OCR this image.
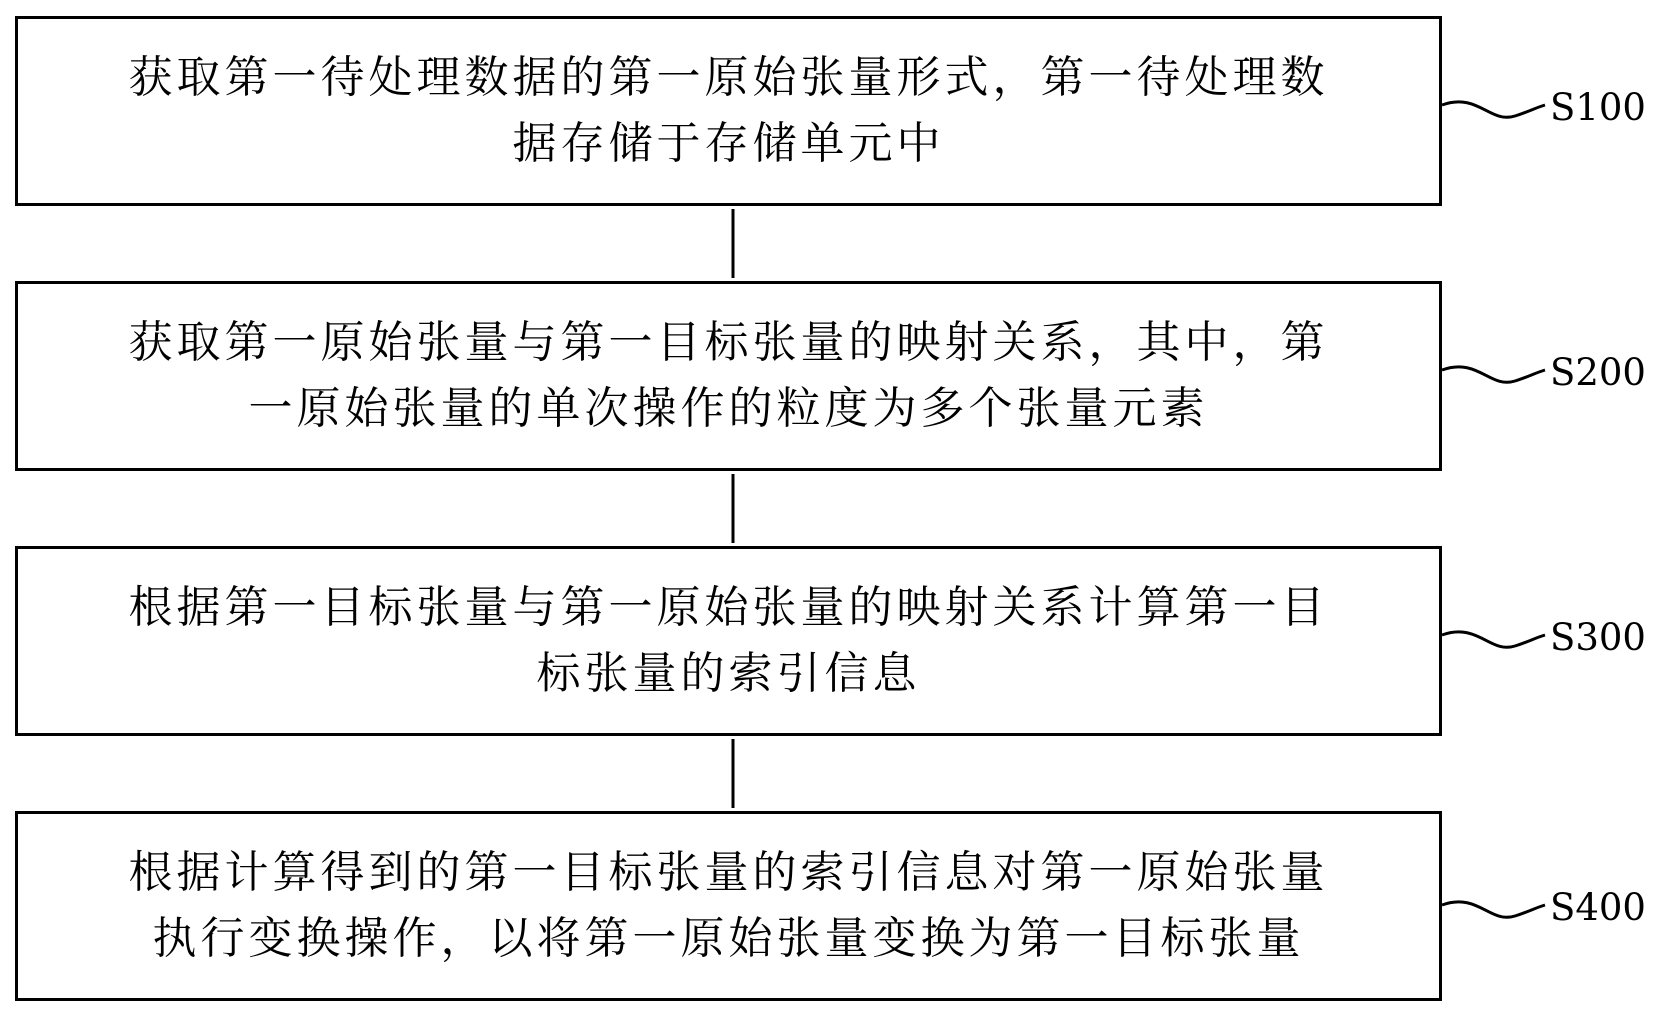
获取第一待处理数据的第一原始张量形式，第一待处理数
据存储于存储单元中
S100
获取第一原始张量与第一目标张量的映射关系，其中，第
一原始张量的单次操作的粒度为多个张量元素
S200
根据第一目标张量与第一原始张量的映射关系计算第一目
标张量的索引信息
S300
根据计算得到的第一目标张量的索引信息对第一原始张量
执行变换操作，以将第一原始张量变换为第一目标张量
S400
